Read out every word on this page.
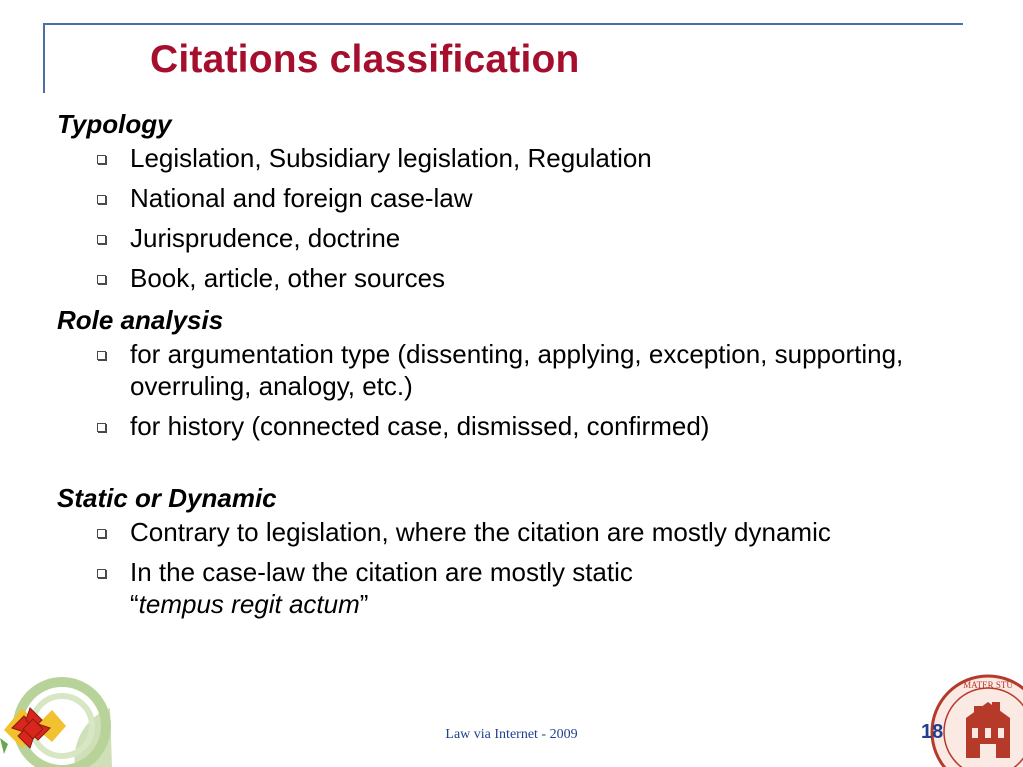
Citations classification

Typology

Legislation, Subsidiary legislation, Regulation
National and foreign case-law
Jurisprudence, doctrine
Book, article, other sources

Role analysis

for argumentation type (dissenting, applying, exception, supporting, overruling, analogy, etc.)
for history (connected case, dismissed, confirmed)

Static or Dynamic

Contrary to legislation, where the citation are mostly dynamic
In the case-law the citation are mostly static
“tempus regit actum”
Law via Internet - 2009
MATER STU
18
